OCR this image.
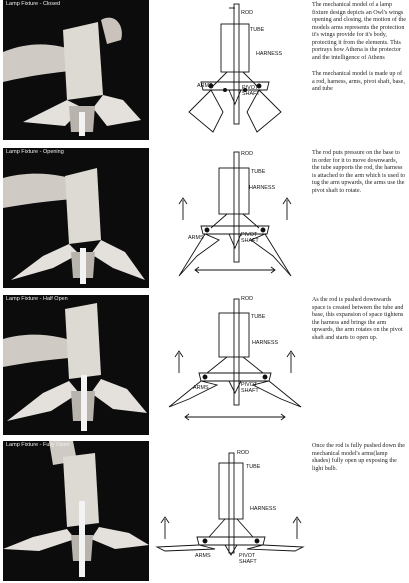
Lamp Fixture - Closed
ROD
TUBE
HARNESS
ARMS	PIVOT
SHAFT

The mechanical model of a lamp fixture design depicts an Owl's wings opening and closing, the motion of the models arms represents the protection it's wings provide for it's body, protecting it from the elements. This portrays how Athena is the protector and the intelligence of Athens

The mechanical model is made up of a rod, harness, arms, pivot shaft, base, and tube

Lamp Fixture - Opening	ROD
TUBE
HARNESS
ARMS	PIVOT
SHAFT

The rod puts pressure on the base to in order for it to move downwards, the tube supports the rod, the harness is attached to the arm which is used to tug the arm upwards, the arms use the pivot shaft to rotate.

Lamp Fixture - Half Open	ROD
TUBE
HARNESS
ARMS	PIVOT
SHAFT

As the rod is pushed downwards space is created between the tube and base, this expansion of space tightens the harness and brings the arm upwards, the arm rotates on the pivot shaft and starts to open up.

Lamp Fixture - Fully Open
ROD
TUBE
HARNESS
ARMS	PIVOT
SHAFT

Once the rod is fully pushed down the mechanical model's arms(lamp shades) fully open up exposing the light bulb.
